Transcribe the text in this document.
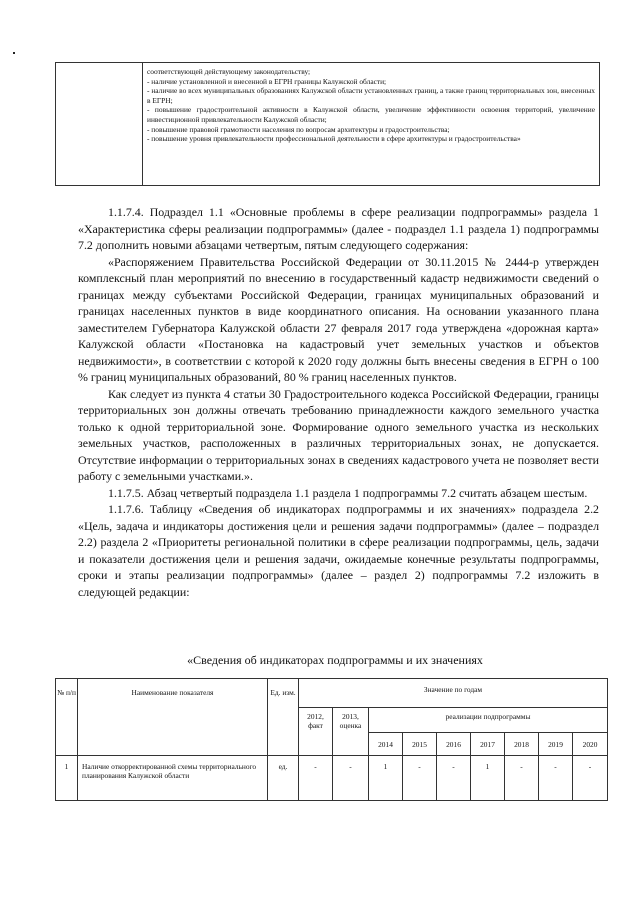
соответствующей действующему законодательству;
- наличие установленной и внесенной в ЕГРН границы Калужской области;
- наличие во всех муниципальных образованиях Калужской области установленных границ, а также границ территориальных зон, внесенных в ЕГРН;
- повышение градостроительной активности в Калужской области, увеличение эффективности освоения территорий, увеличение инвестиционной привлекательности Калужской области;
- повышение правовой грамотности населения по вопросам архитектуры и градостроительства;
- повышение уровня привлекательности профессиональной деятельности в сфере архитектуры и градостроительства»

1.1.7.4. Подраздел 1.1 «Основные проблемы в сфере реализации подпрограммы» раздела 1 «Характеристика сферы реализации подпрограммы» (далее - подраздел 1.1 раздела 1) подпрограммы 7.2 дополнить новыми абзацами четвертым, пятым следующего содержания:

«Распоряжением Правительства Российской Федерации от 30.11.2015 № 2444-р утвержден комплексный план мероприятий по внесению в государственный кадастр недвижимости сведений о границах между субъектами Российской Федерации, границах муниципальных образований и границах населенных пунктов в виде координатного описания. На основании указанного плана заместителем Губернатора Калужской области 27 февраля 2017 года утверждена «дорожная карта» Калужской области «Постановка на кадастровый учет земельных участков и объектов недвижимости», в соответствии с которой к 2020 году должны быть внесены сведения в ЕГРН о 100 % границ муниципальных образований, 80 % границ населенных пунктов.

Как следует из пункта 4 статьи 30 Градостроительного кодекса Российской Федерации, границы территориальных зон должны отвечать требованию принадлежности каждого земельного участка только к одной территориальной зоне. Формирование одного земельного участка из нескольких земельных участков, расположенных в различных территориальных зонах, не допускается. Отсутствие информации о территориальных зонах в сведениях кадастрового учета не позволяет вести работу с земельными участками.».

1.1.7.5. Абзац четвертый подраздела 1.1 раздела 1 подпрограммы 7.2 считать абзацем шестым.

1.1.7.6. Таблицу «Сведения об индикаторах подпрограммы и их значениях» подраздела 2.2 «Цель, задача и индикаторы достижения цели и решения задачи подпрограммы» (далее – подраздел 2.2) раздела 2 «Приоритеты региональной политики в сфере реализации подпрограммы, цель, задачи и показатели достижения цели и решения задачи, ожидаемые конечные результаты подпрограммы, сроки и этапы реализации подпрограммы» (далее – раздел 2) подпрограммы 7.2 изложить в следующей редакции:

«Сведения об индикаторах подпрограммы и их значениях
№ п/п	Наименование показателя	Ед. изм.	Значение по годам								
			2012, факт	2013, оценка	реализации подпрограммы						
					2014	2015	2016	2017	2018	2019	2020
1	Наличие откорректированной схемы территориального планирования Калужской области	ед.	-	-	1	-	-	1	-	-	-
